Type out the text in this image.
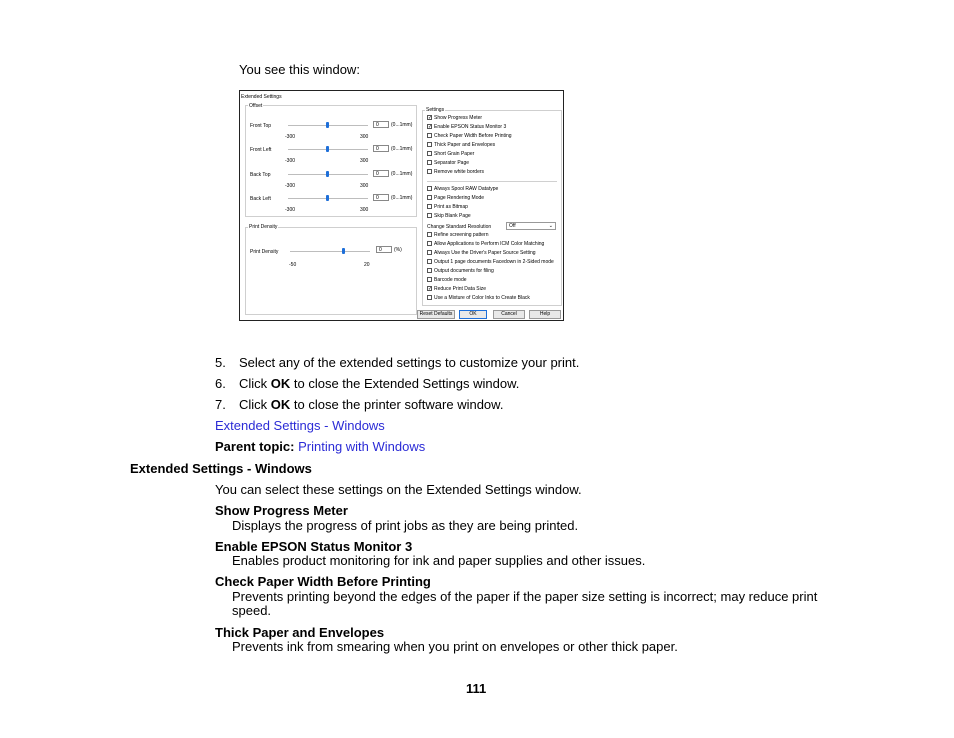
You see this window:
Extended Settings
Offset
Front Top	0 (0...1mm)
-300	300
Front Left	0 (0...1mm)
-300	300
Back Top	0 (0...1mm)
-300	300
Back Left	0 (0...1mm)
-300	300
Print Density
Print Density	0 (%)
-50	20
Settings
✓ Show Progress Meter
✓ Enable EPSON Status Monitor 3
Check Paper Width Before Printing
Thick Paper and Envelopes
Short Grain Paper
Separator Page
Remove white borders
Always Spool RAW Datatype
Page Rendering Mode
Print as Bitmap
Skip Blank Page
Change Standard Resolution	Off	⌄
Refine screening pattern
Allow Applications to Perform ICM Color Matching
Always Use the Driver's Paper Source Setting
Output 1 page documents Facedown in 2-Sided mode
Output documents for filing
Barcode mode
✓ Reduce Print Data Size
Use a Mixture of Color Inks to Create Black
Reset Defaults	OK	Cancel	Help
5. Select any of the extended settings to customize your print.
6. Click OK to close the Extended Settings window.
7. Click OK to close the printer software window.
Extended Settings - Windows
Parent topic: Printing with Windows
Extended Settings - Windows
You can select these settings on the Extended Settings window.
Show Progress Meter
Displays the progress of print jobs as they are being printed.
Enable EPSON Status Monitor 3
Enables product monitoring for ink and paper supplies and other issues.
Check Paper Width Before Printing
Prevents printing beyond the edges of the paper if the paper size setting is incorrect; may reduce print
speed.
Thick Paper and Envelopes
Prevents ink from smearing when you print on envelopes or other thick paper.
111
